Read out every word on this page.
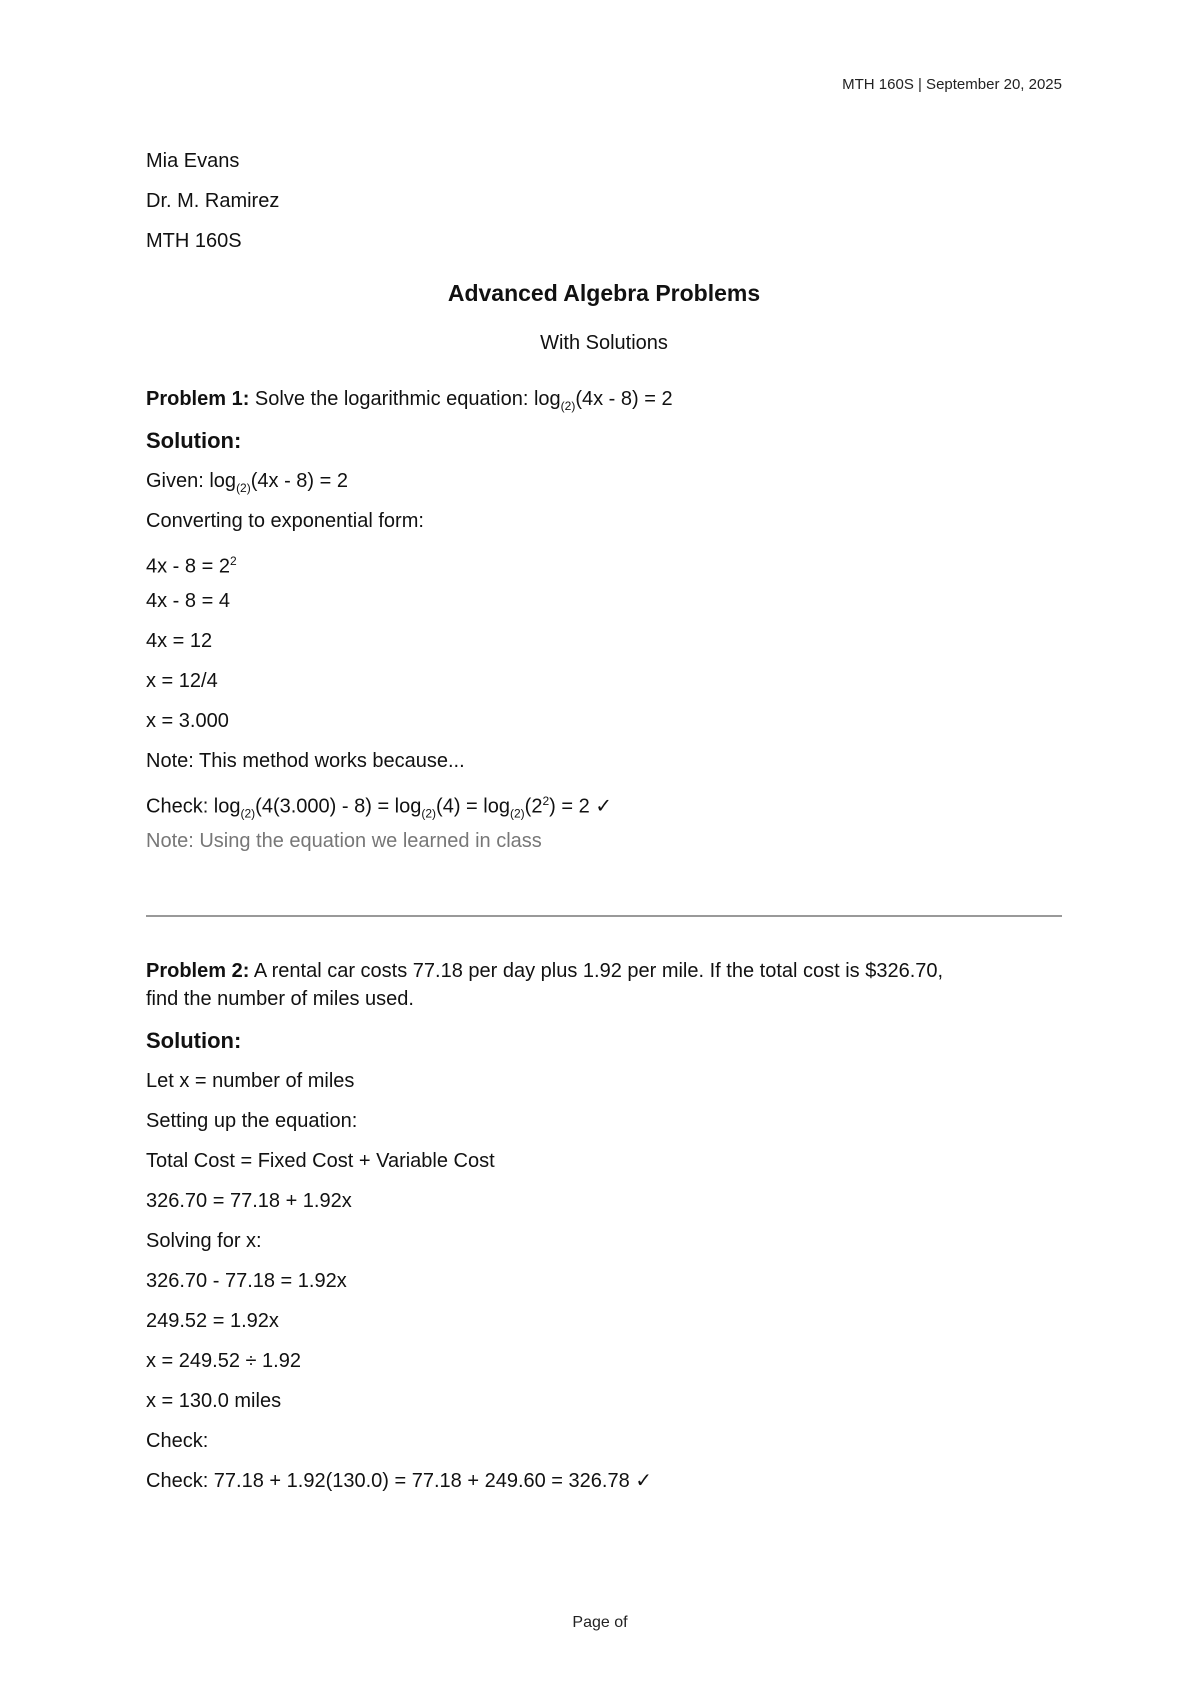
MTH 160S | September 20, 2025
Mia Evans
Dr. M. Ramirez
MTH 160S
Advanced Algebra Problems
With Solutions
Problem 1: Solve the logarithmic equation: $\log_{(2)}(4x - 8) = 2$
Solution:
Given: $\log_{(2)}(4x - 8) = 2$
Converting to exponential form:
$4x - 8 = 2^2$
4x - 8 = 4
4x = 12
x = 12/4
x = 3.000
Note: This method works because...
Check: $\log_{(2)}(4(3.000) - 8) = \log_{(2)}(4) = \log_{(2)}(2^2) = 2$ ✓
Note: Using the equation we learned in class
Problem 2: A rental car costs 77.18 per day plus 1.92 per mile. If the total cost is $326.70,
find the number of miles used.
Solution:
Let x = number of miles
Setting up the equation:
Total Cost = Fixed Cost + Variable Cost
326.70 = 77.18 + 1.92x
Solving for x:
326.70 - 77.18 = 1.92x
249.52 = 1.92x
x = 249.52 ÷ 1.92
x = 130.0 miles
Check:
Check: 77.18 + 1.92(130.0) = 77.18 + 249.60 = 326.78 ✓
Page of
